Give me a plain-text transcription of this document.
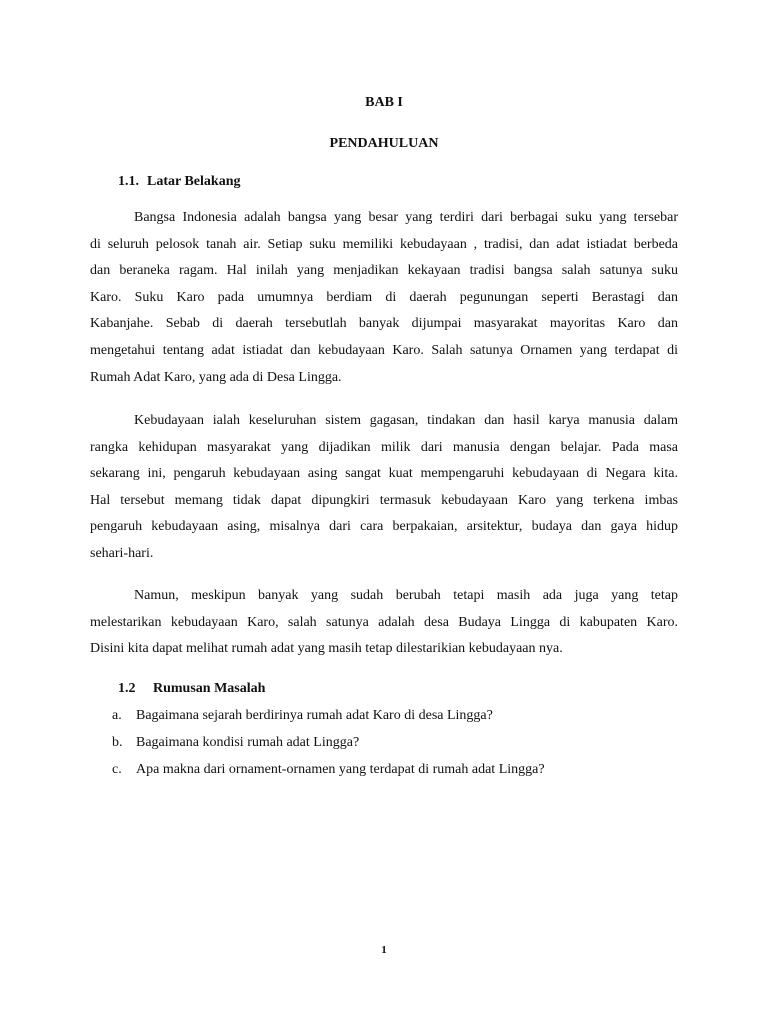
BAB I

PENDAHULUAN

1.1. Latar Belakang

Bangsa Indonesia adalah bangsa yang besar yang terdiri dari berbagai suku yang tersebar
di seluruh pelosok tanah air. Setiap suku memiliki kebudayaan , tradisi, dan adat istiadat berbeda
dan beraneka ragam. Hal inilah yang menjadikan kekayaan tradisi bangsa salah satunya suku
Karo. Suku Karo pada umumnya berdiam di daerah pegunungan seperti Berastagi dan
Kabanjahe. Sebab di daerah tersebutlah banyak dijumpai masyarakat mayoritas Karo dan
mengetahui tentang adat istiadat dan kebudayaan Karo. Salah satunya Ornamen yang terdapat di
Rumah Adat Karo, yang ada di Desa Lingga.
Kebudayaan ialah keseluruhan sistem gagasan, tindakan dan hasil karya manusia dalam
rangka kehidupan masyarakat yang dijadikan milik dari manusia dengan belajar. Pada masa
sekarang ini, pengaruh kebudayaan asing sangat kuat mempengaruhi kebudayaan di Negara kita.
Hal tersebut memang tidak dapat dipungkiri termasuk kebudayaan Karo yang terkena imbas
pengaruh kebudayaan asing, misalnya dari cara berpakaian, arsitektur, budaya dan gaya hidup
sehari-hari.
Namun, meskipun banyak yang sudah berubah tetapi masih ada juga yang tetap
melestarikan kebudayaan Karo, salah satunya adalah desa Budaya Lingga di kabupaten Karo.
Disini kita dapat melihat rumah adat yang masih tetap dilestarikian kebudayaan nya.

1.2 Rumusan Masalah

a. Bagaimana sejarah berdirinya rumah adat Karo di desa Lingga?
b. Bagaimana kondisi rumah adat Lingga?
c. Apa makna dari ornament-ornamen yang terdapat di rumah adat Lingga?
1
